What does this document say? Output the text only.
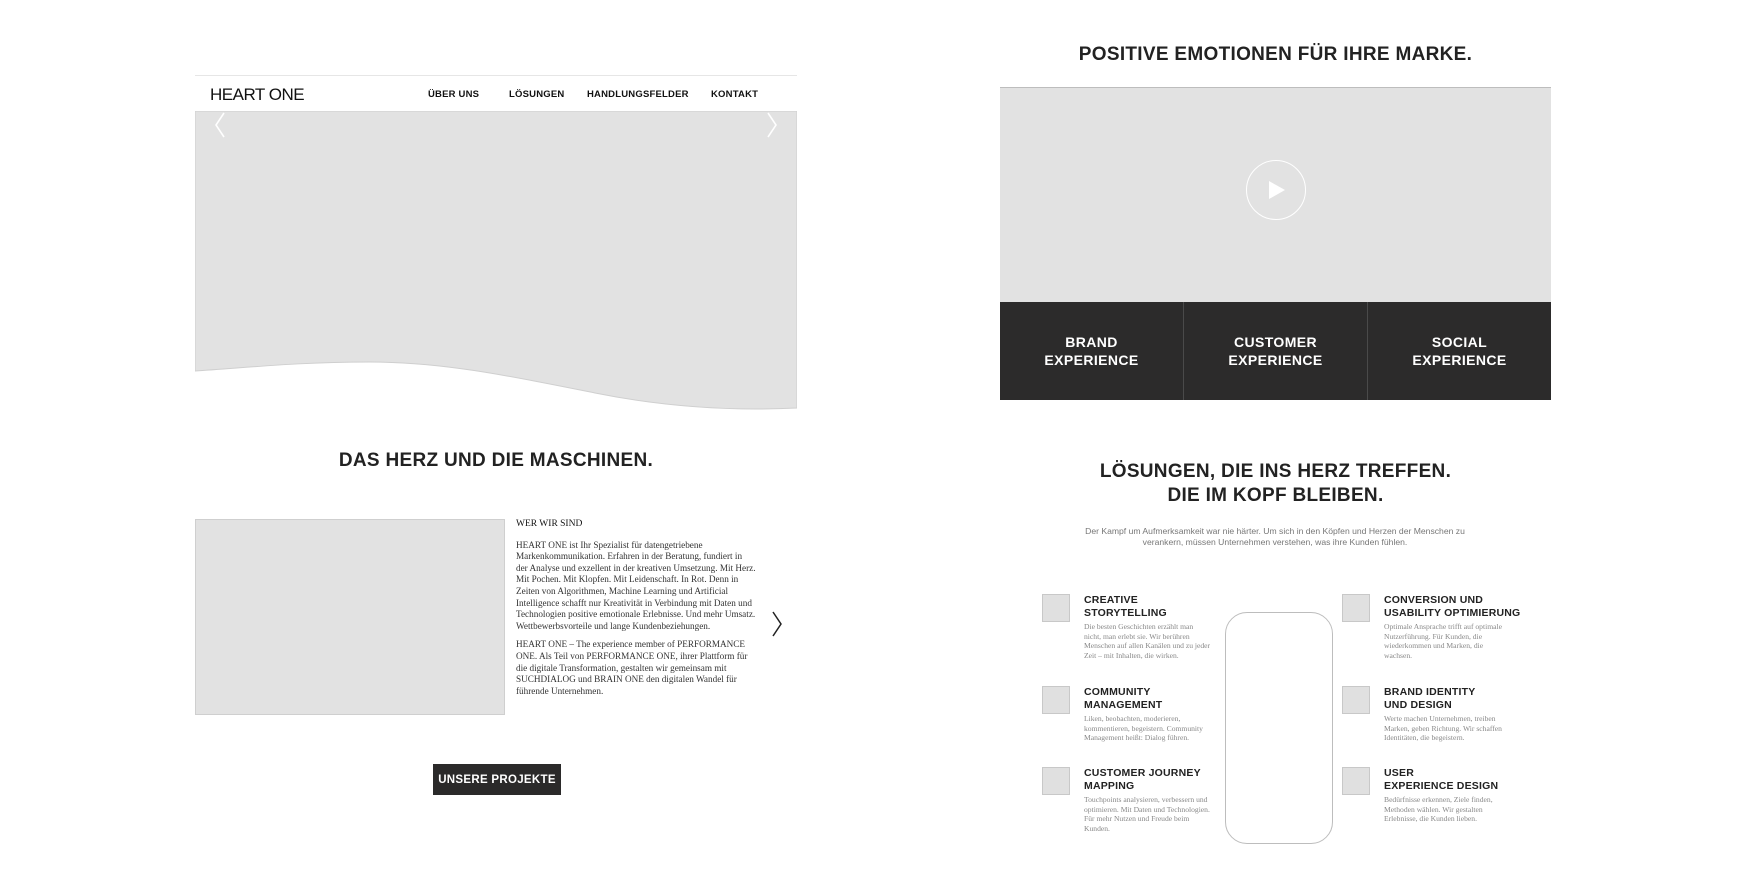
HEART ONE	ÜBER UNS	LÖSUNGEN HANDLUNGSFELDER KONTAKT
DAS HERZ UND DIE MASCHINEN.
WER WIR SIND

HEART ONE ist Ihr Spezialist für datengetriebene Markenkommunikation. Erfahren in der Beratung, fundiert in der Analyse und exzellent in der kreativen Umsetzung. Mit Herz. Mit Pochen. Mit Klopfen. Mit Leidenschaft. In Rot. Denn in Zeiten von Algorithmen, Machine Learning und Artificial Intelligence schafft nur Kreativität in Verbindung mit Daten und Technologien positive emotionale Erlebnisse. Und mehr Umsatz. Wettbewerbsvorteile und lange Kundenbeziehungen.

HEART ONE – The experience member of PERFORMANCE ONE. Als Teil von PERFORMANCE ONE, ihrer Plattform für die digitale Transformation, gestalten wir gemeinsam mit SUCHDIALOG und BRAIN ONE den digitalen Wandel für führende Unternehmen.

UNSERE PROJEKTE
POSITIVE EMOTIONEN FÜR IHRE MARKE.
BRAND
EXPERIENCE
CUSTOMER
EXPERIENCE
SOCIAL
EXPERIENCE
LÖSUNGEN, DIE INS HERZ TREFFEN.
DIE IM KOPF BLEIBEN.
Der Kampf um Aufmerksamkeit war nie härter. Um sich in den Köpfen und Herzen der Menschen zu verankern, müssen Unternehmen verstehen, was ihre Kunden fühlen.
CREATIVE
STORYTELLING
Die besten Geschichten erzählt man nicht, man erlebt sie. Wir berühren Menschen auf allen Kanälen und zu jeder Zeit – mit Inhalten, die wirken.
COMMUNITY
MANAGEMENT
Liken, beobachten, moderieren, kommentieren, begeistern. Community Management heißt: Dialog führen.
CUSTOMER JOURNEY
MAPPING
Touchpoints analysieren, verbessern und optimieren. Mit Daten und Technologien. Für mehr Nutzen und Freude beim Kunden.
CONVERSION UND
USABILITY OPTIMIERUNG
Optimale Ansprache trifft auf optimale Nutzerführung. Für Kunden, die wiederkommen und Marken, die wachsen.
BRAND IDENTITY
UND DESIGN
Werte machen Unternehmen, treiben Marken, geben Richtung. Wir schaffen Identitäten, die begeistern.
USER
EXPERIENCE DESIGN
Bedürfnisse erkennen, Ziele finden, Methoden wählen. Wir gestalten Erlebnisse, die Kunden lieben.
